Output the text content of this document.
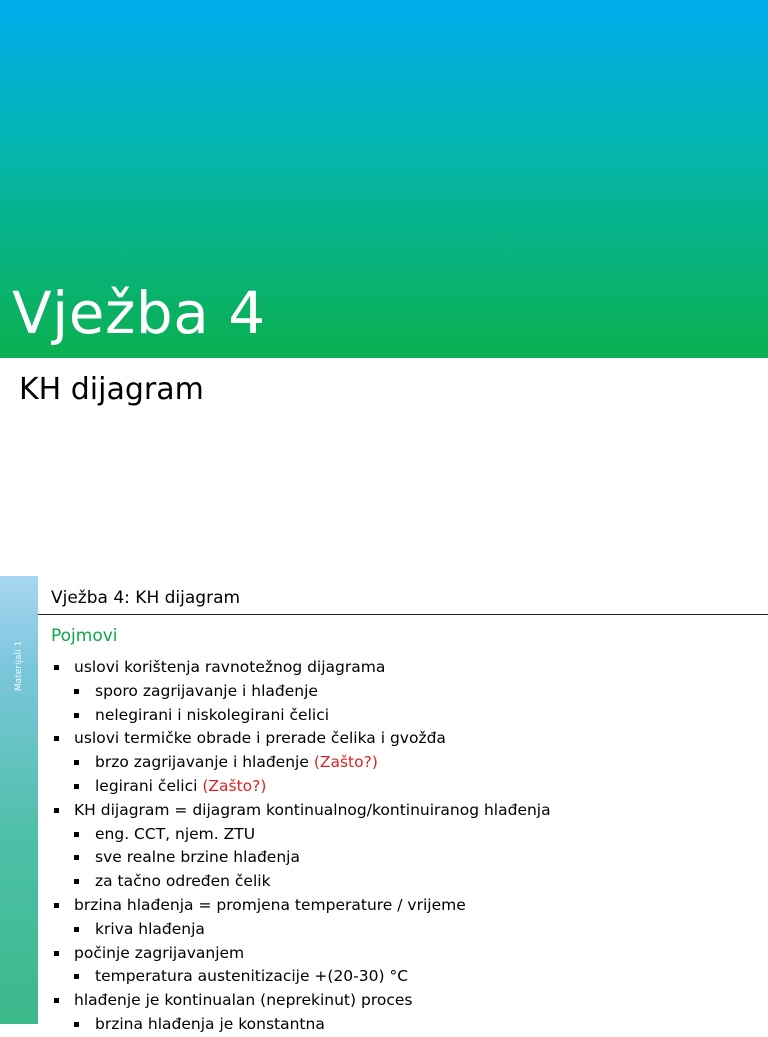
Vježba 4
KH dijagram
Materijali 1
Vježba 4: KH dijagram
Pojmovi
uslovi korištenja ravnotežnog dijagrama
sporo zagrijavanje i hlađenje
nelegirani i niskolegirani čelici
uslovi termičke obrade i prerade čelika i gvožđa
brzo zagrijavanje i hlađenje (Zašto?)
legirani čelici (Zašto?)
KH dijagram = dijagram kontinualnog/kontinuiranog hlađenja
eng. CCT, njem. ZTU
sve realne brzine hlađenja
za tačno određen čelik
brzina hlađenja = promjena temperature / vrijeme
kriva hlađenja
počinje zagrijavanjem
temperatura austenitizacije +(20-30) °C
hlađenje je kontinualan (neprekinut) proces
brzina hlađenja je konstantna
